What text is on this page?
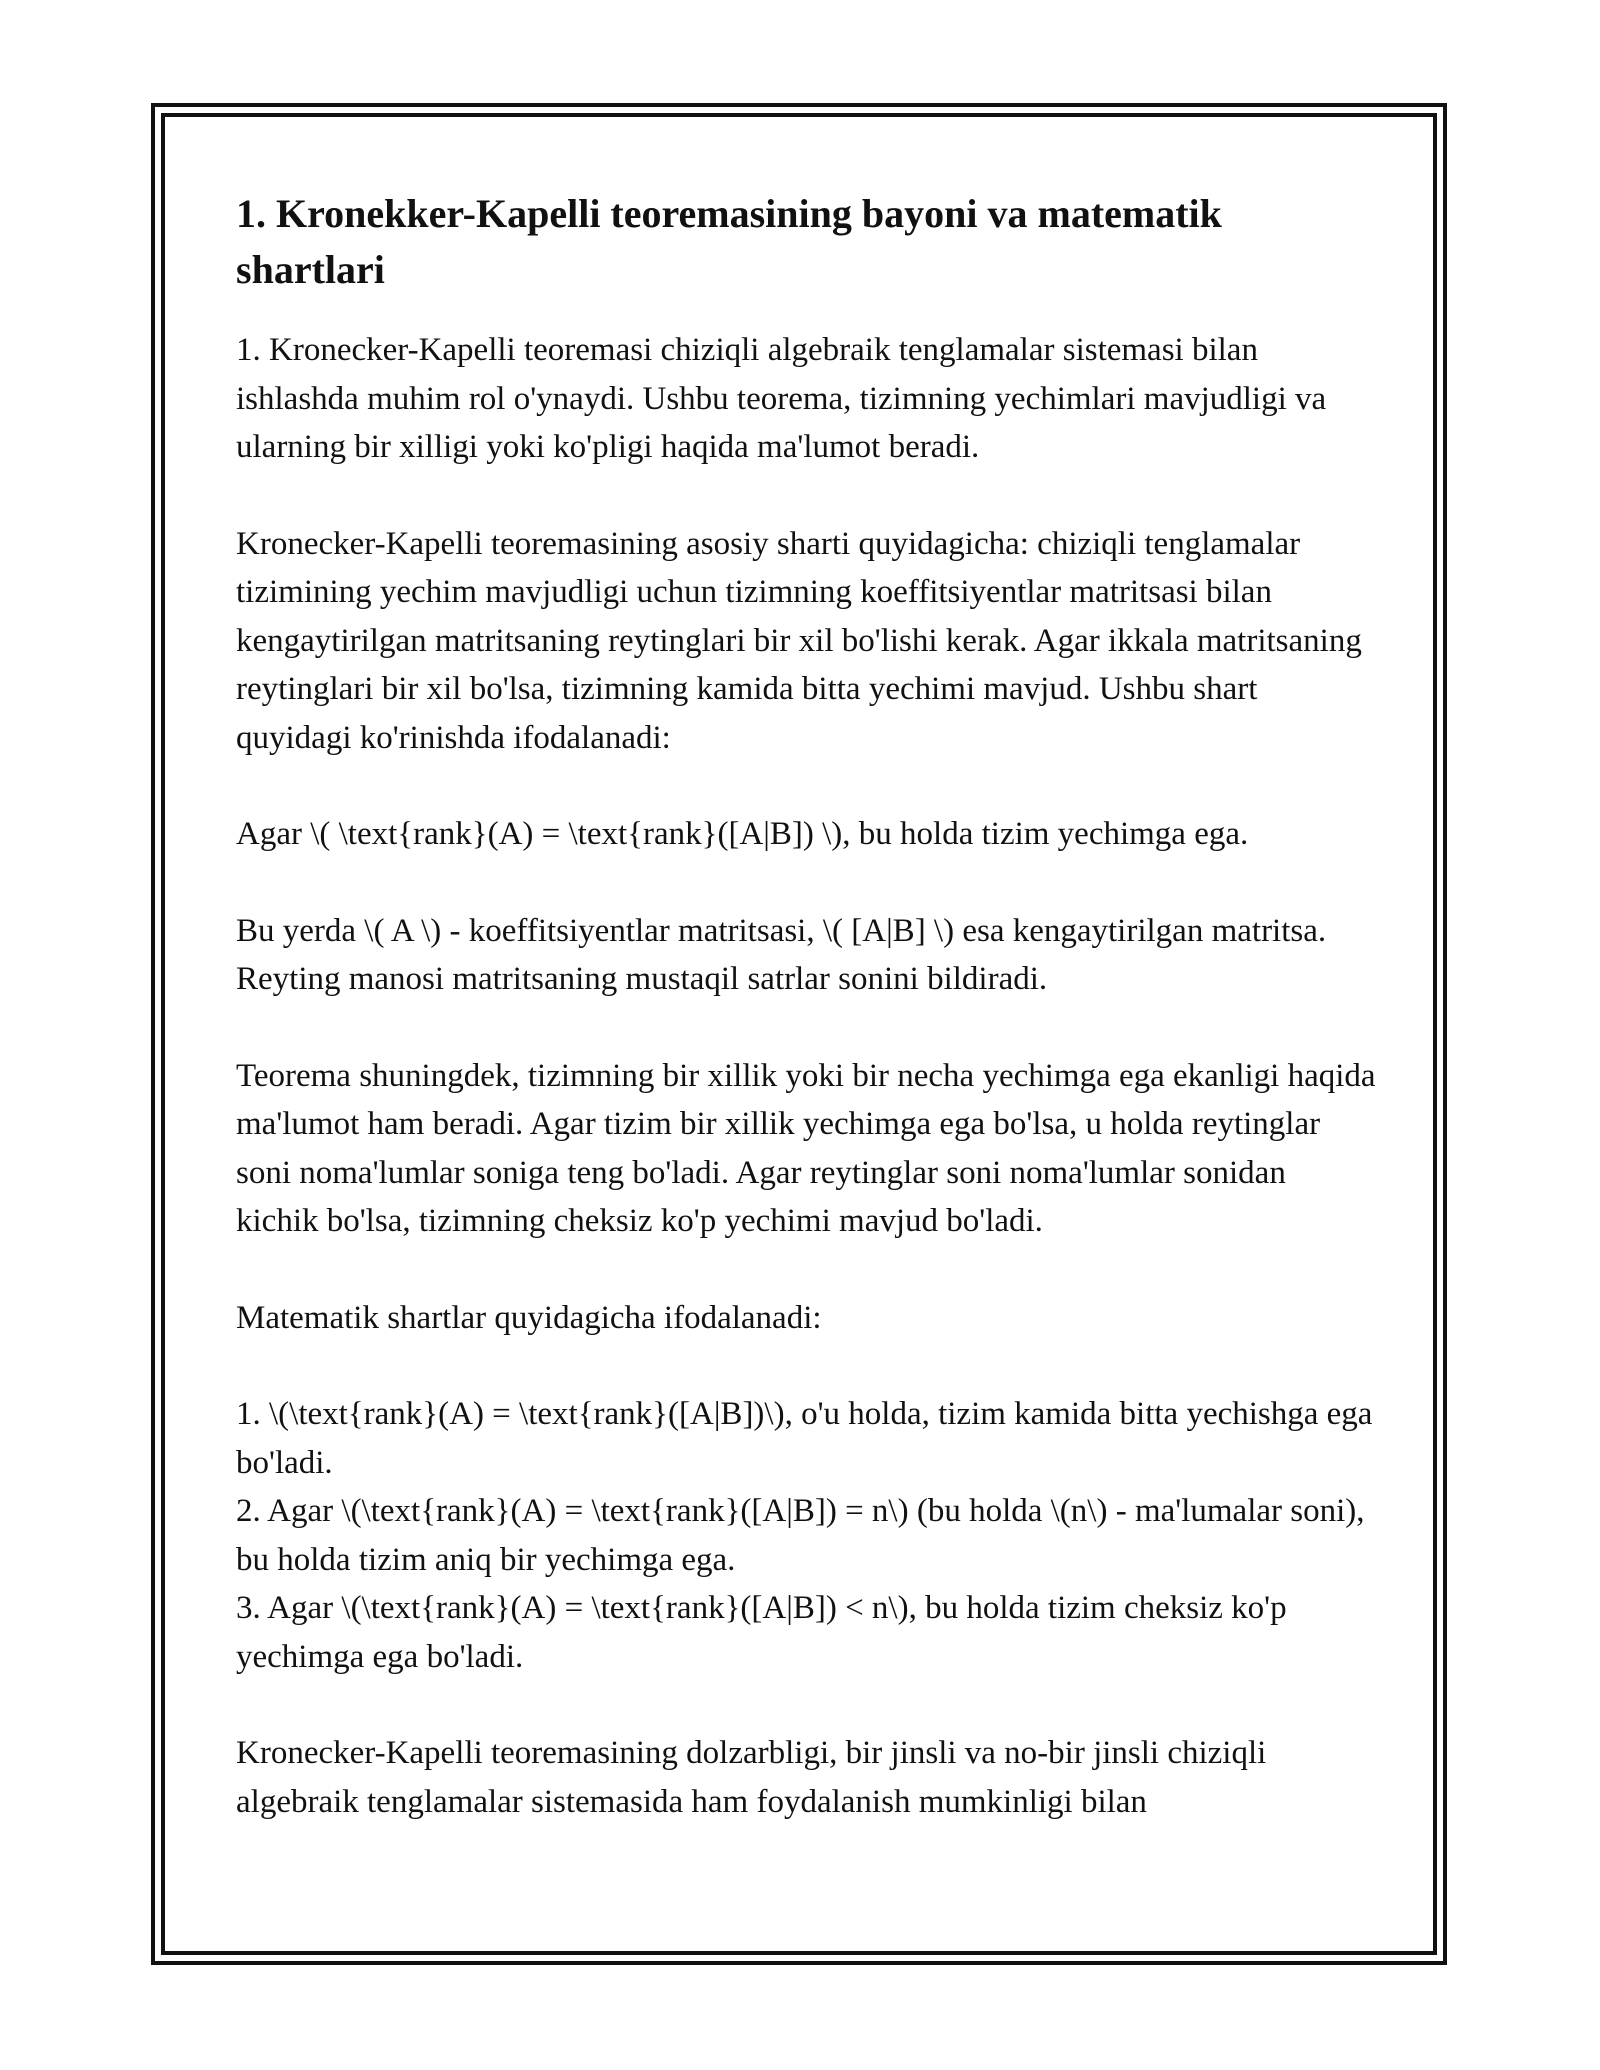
1. Kronekker-Kapelli teoremasining bayoni va matematik shartlari

1. Kronecker-Kapelli teoremasi chiziqli algebraik tenglamalar sistemasi bilan ishlashda muhim rol o'ynaydi. Ushbu teorema, tizimning yechimlari mavjudligi va ularning bir xilligi yoki ko'pligi haqida ma'lumot beradi.

Kronecker-Kapelli teoremasining asosiy sharti quyidagicha: chiziqli tenglamalar tizimining yechim mavjudligi uchun tizimning koeffitsiyentlar matritsasi bilan kengaytirilgan matritsaning reytinglari bir xil bo'lishi kerak. Agar ikkala matritsaning reytinglari bir xil bo'lsa, tizimning kamida bitta yechimi mavjud. Ushbu shart quyidagi ko'rinishda ifodalanadi:

Agar \( \text{rank}(A) = \text{rank}([A|B]) \), bu holda tizim yechimga ega.

Bu yerda \( A \) - koeffitsiyentlar matritsasi, \( [A|B] \) esa kengaytirilgan matritsa. Reyting manosi matritsaning mustaqil satrlar sonini bildiradi.

Teorema shuningdek, tizimning bir xillik yoki bir necha yechimga ega ekanligi haqida ma'lumot ham beradi. Agar tizim bir xillik yechimga ega bo'lsa, u holda reytinglar soni noma'lumlar soniga teng bo'ladi. Agar reytinglar soni noma'lumlar sonidan kichik bo'lsa, tizimning cheksiz ko'p yechimi mavjud bo'ladi.

Matematik shartlar quyidagicha ifodalanadi:

1. \(\text{rank}(A) = \text{rank}([A|B])\), o'u holda, tizim kamida bitta yechishga ega bo'ladi.

2. Agar \(\text{rank}(A) = \text{rank}([A|B]) = n\) (bu holda \(n\) - ma'lumalar soni), bu holda tizim aniq bir yechimga ega.

3. Agar \(\text{rank}(A) = \text{rank}([A|B]) < n\), bu holda tizim cheksiz ko'p yechimga ega bo'ladi.

Kronecker-Kapelli teoremasining dolzarbligi, bir jinsli va no-bir jinsli chiziqli algebraik tenglamalar sistemasida ham foydalanish mumkinligi bilan
